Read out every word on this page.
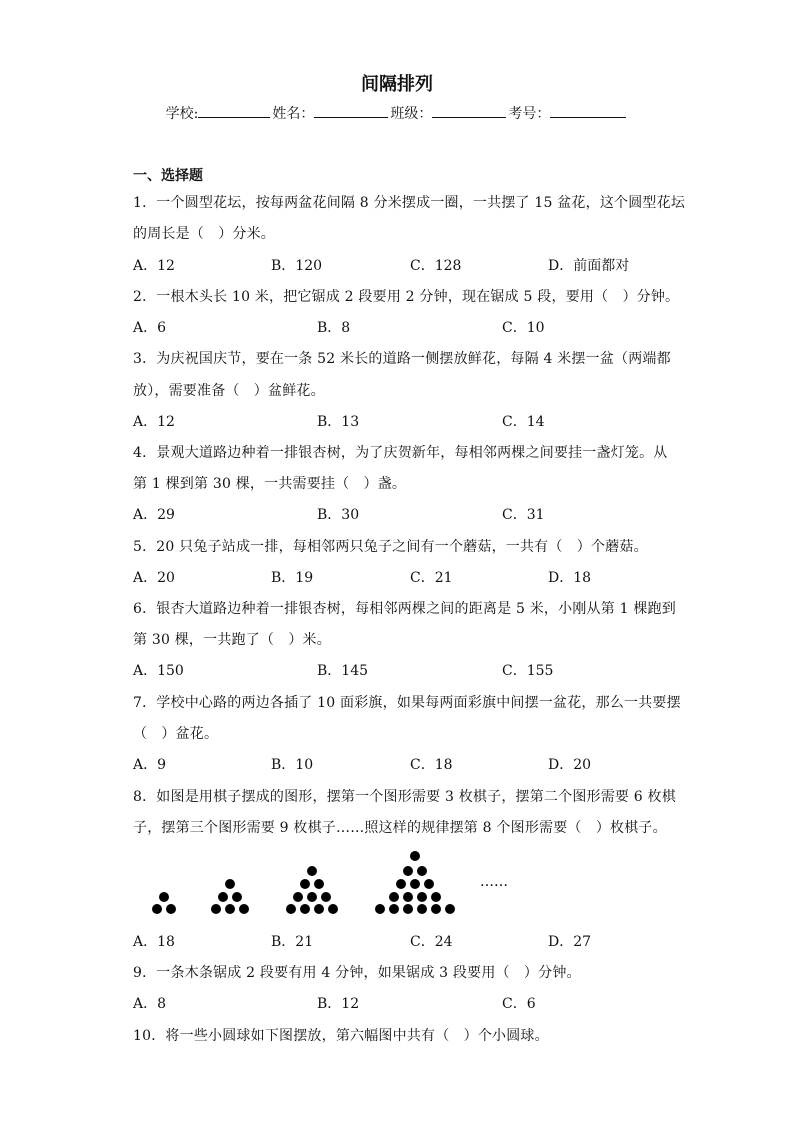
间隔排列
学校:	姓名：	班级：	考号：
一、选择题
1．一个圆型花坛，按每两盆花间隔 8 分米摆成一圈，一共摆了 15 盆花，这个圆型花坛
的周长是（　）分米。
A．12	B．120	C．128	D．前面都对
2．一根木头长 10 米，把它锯成 2 段要用 2 分钟，现在锯成 5 段，要用（　）分钟。
A．6	B．8	C．10
3．为庆祝国庆节，要在一条 52 米长的道路一侧摆放鲜花，每隔 4 米摆一盆（两端都
放），需要准备（　）盆鲜花。
A．12	B．13	C．14
4．景观大道路边种着一排银杏树，为了庆贺新年，每相邻两棵之间要挂一盏灯笼。从
第 1 棵到第 30 棵，一共需要挂（　）盏。
A．29	B．30	C．31
5．20 只兔子站成一排，每相邻两只兔子之间有一个蘑菇，一共有（　）个蘑菇。
A．20	B．19	C．21	D．18
6．银杏大道路边种着一排银杏树，每相邻两棵之间的距离是 5 米，小刚从第 1 棵跑到
第 30 棵，一共跑了（　）米。
A．150	B．145	C．155
7．学校中心路的两边各插了 10 面彩旗，如果每两面彩旗中间摆一盆花，那么一共要摆
（　）盆花。
A．9	B．10	C．18	D．20
8．如图是用棋子摆成的图形，摆第一个图形需要 3 枚棋子，摆第二个图形需要 6 枚棋
子，摆第三个图形需要 9 枚棋子……照这样的规律摆第 8 个图形需要（　）枚棋子。
……
A．18	B．21	C．24	D．27
9．一条木条锯成 2 段要有用 4 分钟，如果锯成 3 段要用（　）分钟。
A．8	B．12	C．6
10．将一些小圆球如下图摆放，第六幅图中共有（　）个小圆球。
